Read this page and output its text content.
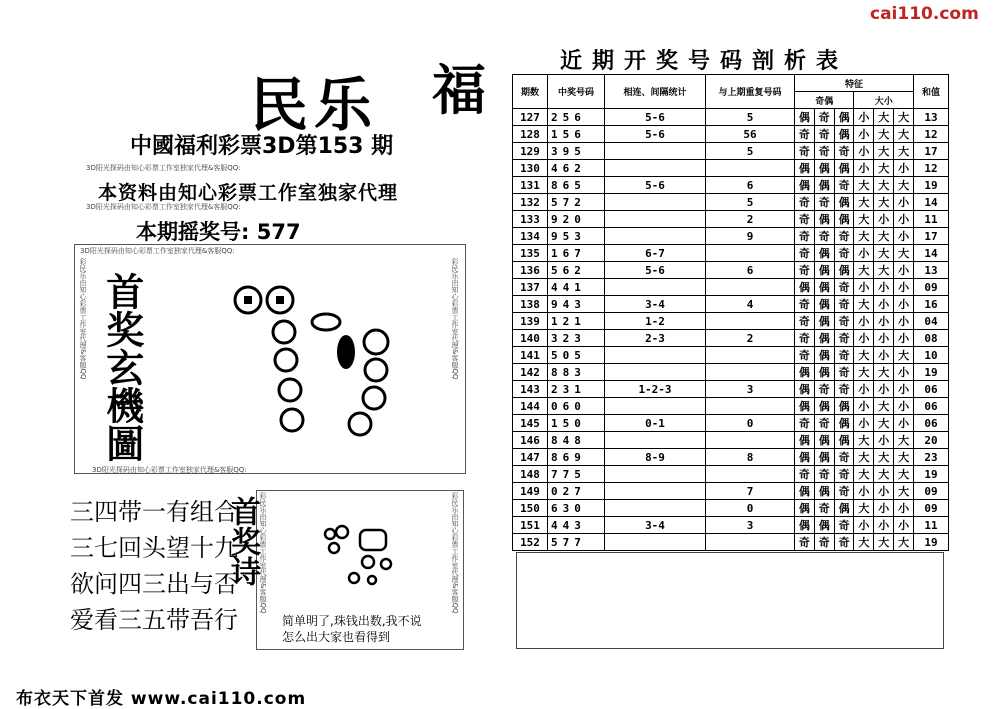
cai110.com
民乐 福
中國福利彩票3D第153 期
3D阳光探码由知心彩票工作室独家代理&客服QQ:
本资料由知心彩票工作室独家代理
3D阳光探码由知心彩票工作室独家代理&客服QQ:
本期摇奖号: 577
3D阳光探码由知心彩票工作室独家代理&客服QQ:
彩民乐由知心彩票工作室代理&客服QQ	彩民乐由知心彩票工作室代理&客服QQ
首奖玄機圖
3D阳光探码由知心彩票工作室独家代理&客服QQ:
三四带一有组合
三七回头望十九
欲问四三出与否
爱看三五带吾行
彩民乐由知心彩票工作室代理&客服QQ	彩民乐由知心彩票工作室代理&客服QQ
首奖诗
简单明了,珠钱出数,我不说
怎么出大家也看得到
布衣天下首发 www.cai110.com
近期开奖号码剖析表
期数	中奖号码	相连、间隔统计	与上期重复号码	特征						和值
				奇偶			大小			
127	256	5-6	5	偶	奇	偶	小	大	大	13
128	156	5-6	56	奇	奇	偶	小	大	大	12
129	395		5	奇	奇	奇	小	大	大	17
130	462			偶	偶	偶	小	大	小	12
131	865	5-6	6	偶	偶	奇	大	大	大	19
132	572		5	奇	奇	偶	大	大	小	14
133	920		2	奇	偶	偶	大	小	小	11
134	953		9	奇	奇	奇	大	大	小	17
135	167	6-7		奇	偶	奇	小	大	大	14
136	562	5-6	6	奇	偶	偶	大	大	小	13
137	441			偶	偶	奇	小	小	小	09
138	943	3-4	4	奇	偶	奇	大	小	小	16
139	121	1-2		奇	偶	奇	小	小	小	04
140	323	2-3	2	奇	偶	奇	小	小	小	08
141	505			奇	偶	奇	大	小	大	10
142	883			偶	偶	奇	大	大	小	19
143	231	1-2-3	3	偶	奇	奇	小	小	小	06
144	060			偶	偶	偶	小	大	小	06
145	150	0-1	0	奇	奇	偶	小	大	小	06
146	848			偶	偶	偶	大	小	大	20
147	869	8-9	8	偶	偶	奇	大	大	大	23
148	775			奇	奇	奇	大	大	大	19
149	027		7	偶	偶	奇	小	小	大	09
150	630		0	偶	奇	偶	大	小	小	09
151	443	3-4	3	偶	偶	奇	小	小	小	11
152	577			奇	奇	奇	大	大	大	19
